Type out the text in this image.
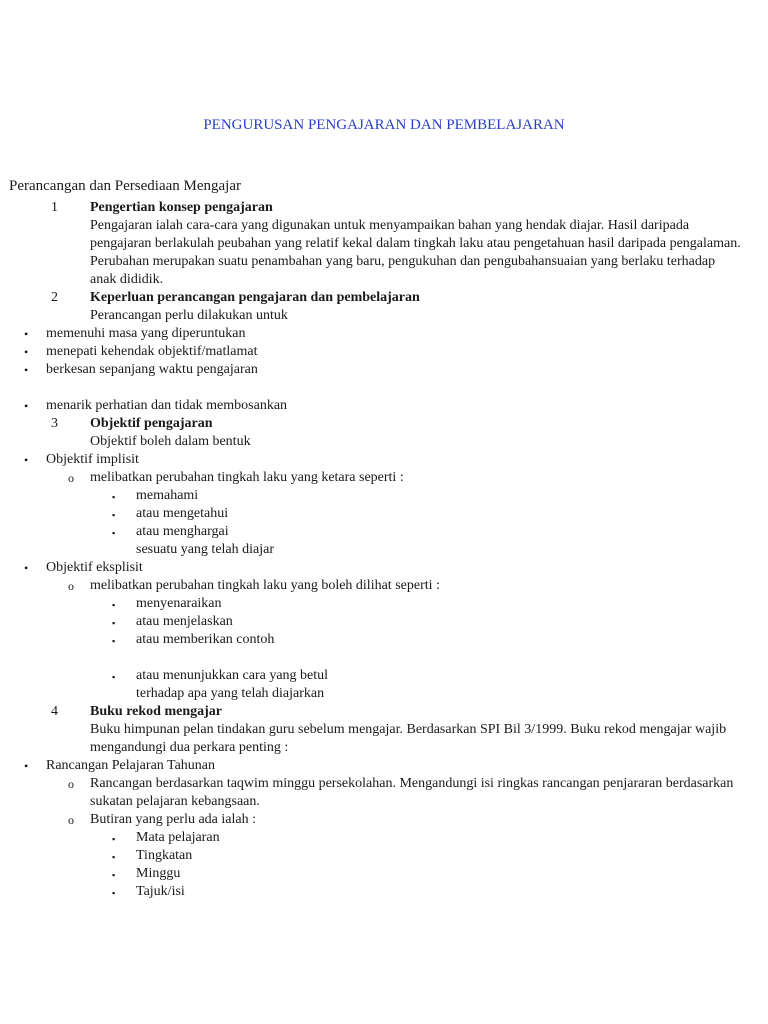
PENGURUSAN PENGAJARAN DAN PEMBELAJARAN
Perancangan dan Persediaan Mengajar
1 Pengertian konsep pengajaran
Pengajaran ialah cara-cara yang digunakan untuk menyampaikan bahan yang hendak diajar. Hasil daripada pengajaran berlakulah peubahan yang relatif kekal dalam tingkah laku atau pengetahuan hasil daripada pengalaman. Perubahan merupakan suatu penambahan yang baru, pengukuhan dan pengubahansuaian yang berlaku terhadap anak dididik.
2 Keperluan perancangan pengajaran dan pembelajaran
Perancangan perlu dilakukan untuk
• memenuhi masa yang diperuntukan
• menepati kehendak objektif/matlamat
• berkesan sepanjang waktu pengajaran
• menarik perhatian dan tidak membosankan
3 Objektif pengajaran
Objektif boleh dalam bentuk
• Objektif implisit
o melibatkan perubahan tingkah laku yang ketara seperti :
▪ memahami
▪ atau mengetahui
▪ atau menghargai
sesuatu yang telah diajar
• Objektif eksplisit
o melibatkan perubahan tingkah laku yang boleh dilihat seperti :
▪ menyenaraikan
▪ atau menjelaskan
▪ atau memberikan contoh
▪ atau menunjukkan cara yang betul
terhadap apa yang telah diajarkan
4 Buku rekod mengajar
Buku himpunan pelan tindakan guru sebelum mengajar. Berdasarkan SPI Bil 3/1999. Buku rekod mengajar wajib mengandungi dua perkara penting :
• Rancangan Pelajaran Tahunan
o Rancangan berdasarkan taqwim minggu persekolahan. Mengandungi isi ringkas rancangan penjararan berdasarkan sukatan pelajaran kebangsaan.
o Butiran yang perlu ada ialah :
▪ Mata pelajaran
▪ Tingkatan
▪ Minggu
▪ Tajuk/isi
